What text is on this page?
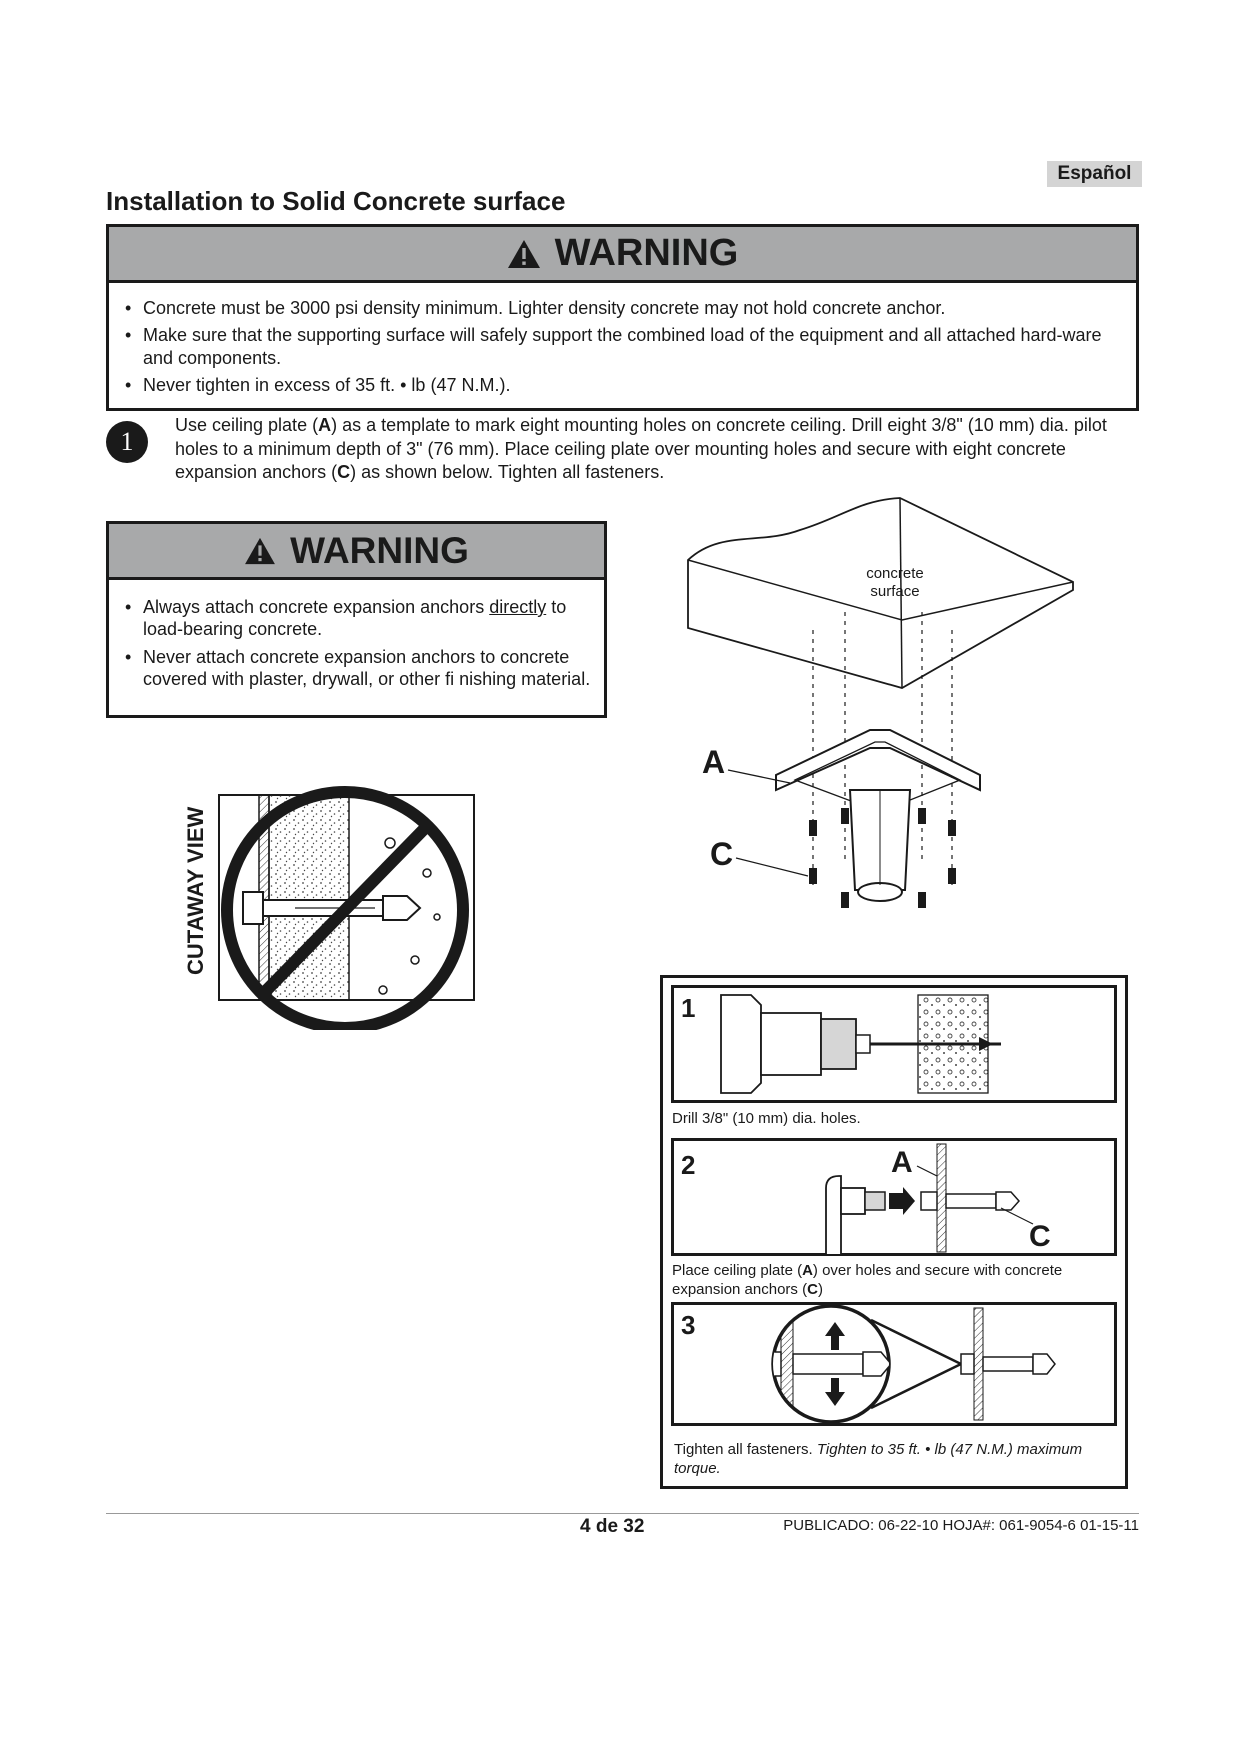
Español
Installation to Solid Concrete surface
WARNING
• Concrete must be 3000 psi density minimum. Lighter density concrete may not hold concrete anchor.
• Make sure that the supporting surface will safely support the combined load of the equipment and all attached hard-ware and components.
• Never tighten in excess of 35 ft. • lb (47 N.M.).
1
Use ceiling plate (A) as a template to mark eight mounting holes on concrete ceiling. Drill eight 3/8" (10 mm) dia. pilot holes to a minimum depth of 3" (76 mm). Place ceiling plate over mounting holes and secure with eight concrete expansion anchors (C) as shown below. Tighten all fasteners.
WARNING
• Always attach concrete expansion anchors directly to load-bearing concrete.
• Never attach concrete expansion anchors to concrete covered with plaster, drywall, or other fi nishing material.
CUTAWAY VIEW
concrete
surface
A
C
1
Drill 3/8" (10 mm) dia. holes.
2	A
C
Place ceiling plate (A) over holes and secure with concrete expansion anchors (C)
3
Tighten all fasteners. Tighten to 35 ft. • lb (47 N.M.) maximum torque.
4 de 32	PUBLICADO: 06-22-10 HOJA#: 061-9054-6 01-15-11
